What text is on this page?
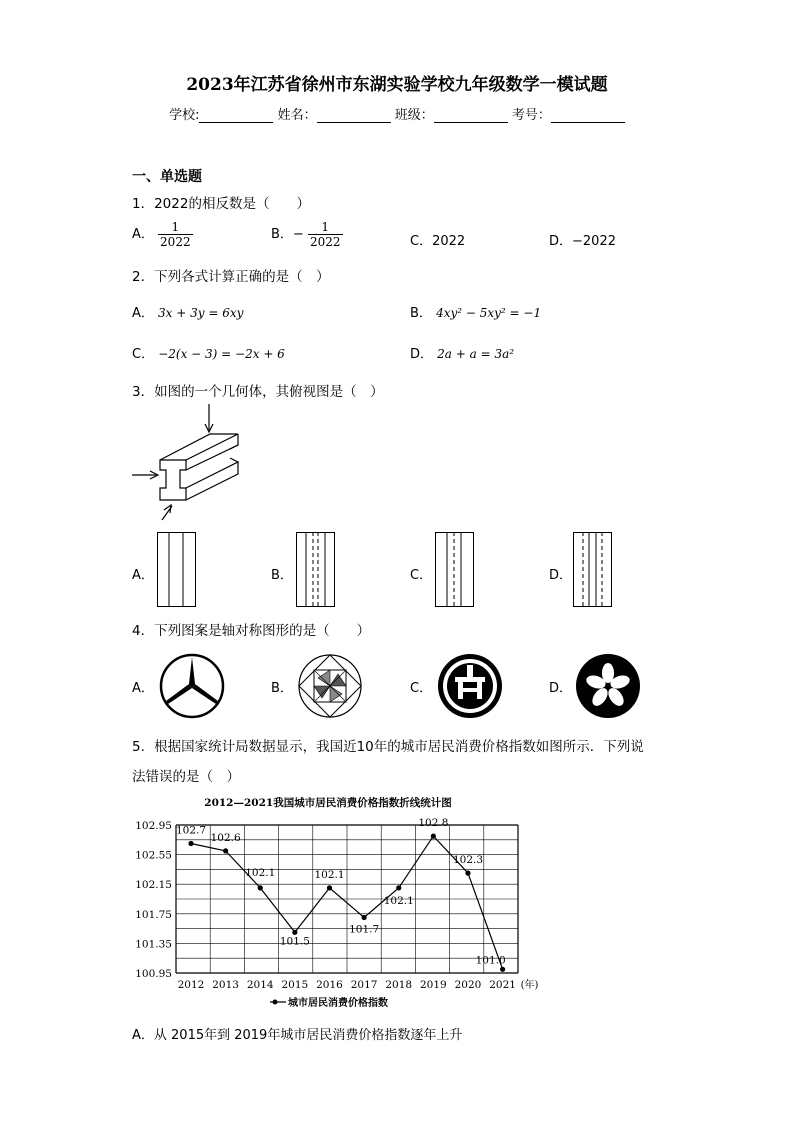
2023年江苏省徐州市东湖实验学校九年级数学一模试题
学校:	姓名：	班级：	考号：
一、单选题
1．2022的相反数是（　　）
A． $\frac{1}{2022}$	B．− $\frac{1}{2022}$	C．2022	D．−2022
2．下列各式计算正确的是（　）
A． 3x + 3y = 6xy	B． 4xy² − 5xy² = −1
C． −2(x − 3) = −2x + 6	D． 2a + a = 3a²
3．如图的一个几何体，其俯视图是（　）
A．	B．	C．	D．
4．下列图案是轴对称图形的是（　　）
A．	B．	C．	D．
5．根据国家统计局数据显示，我国近10年的城市居民消费价格指数如图所示．下列说
法错误的是（　）
2012—2021我国城市居民消费价格指数折线统计图
102.95
102.55
102.15
101.75
101.35
100.95
2012 2013 2014 2015 2016 2017 2018 2019 2020 2021 (年)
102.7
102.6
102.1
101.5
102.1
101.7
102.1
102.8
102.3
101.0
城市居民消费价格指数
A．从 2015年到 2019年城市居民消费价格指数逐年上升
